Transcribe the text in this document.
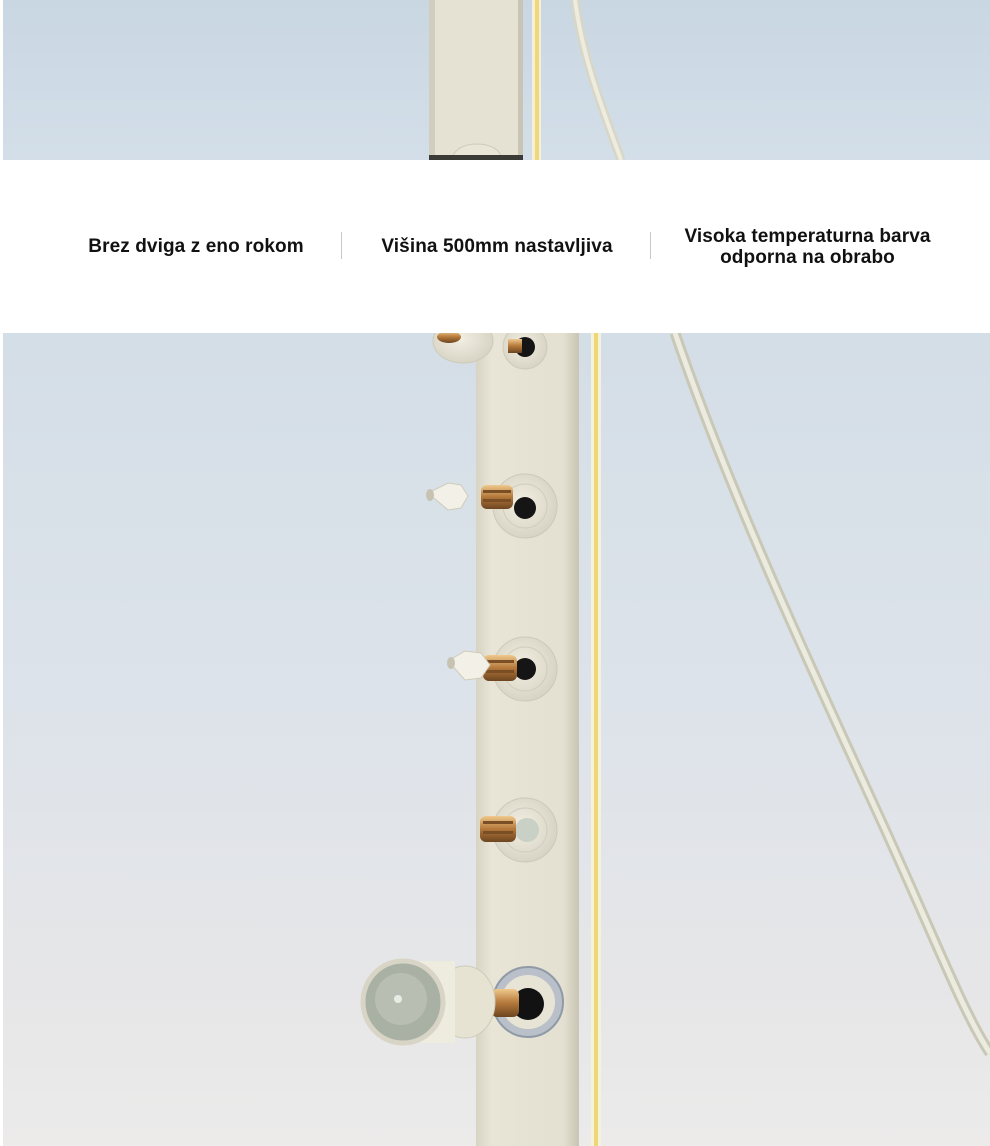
Brez dviga z eno rokom	Višina 500mm nastavljiva	Visoka temperaturna barva
odporna na obrabo
